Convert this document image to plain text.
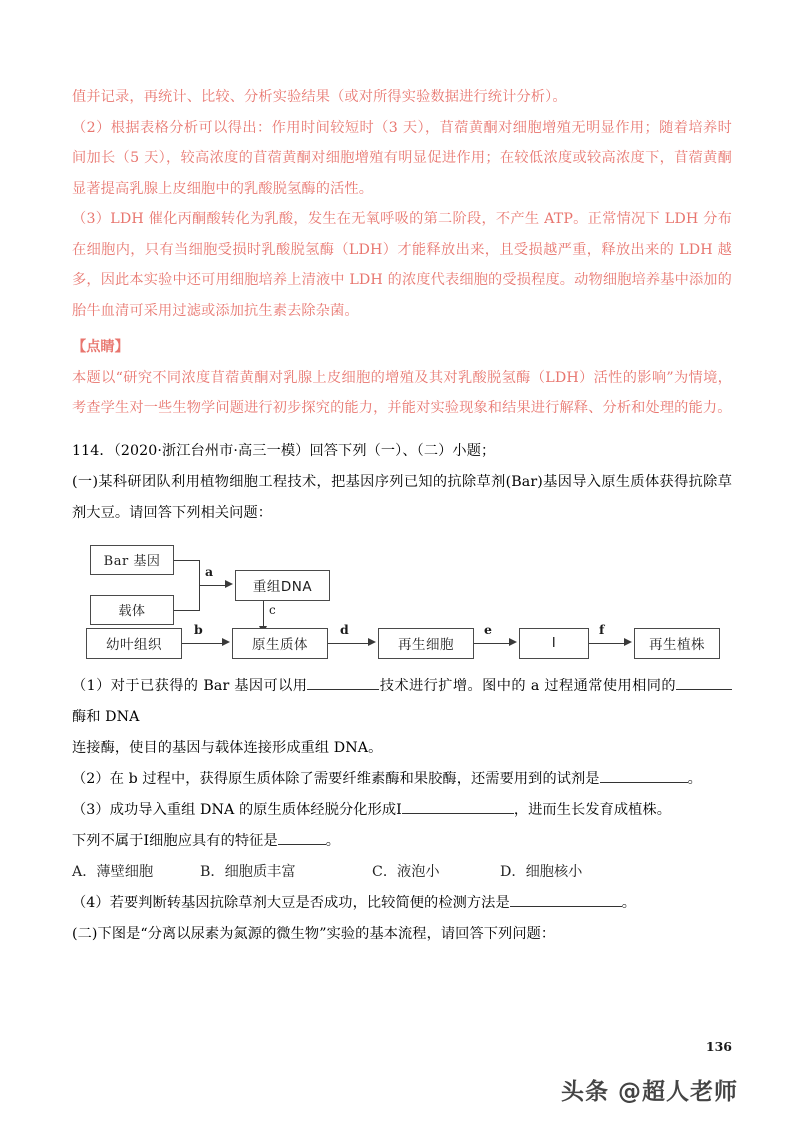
值并记录，再统计、比较、分析实验结果（或对所得实验数据进行统计分析）。

（2）根据表格分析可以得出：作用时间较短时（3 天），苜蓿黄酮对细胞增殖无明显作用；随着培养时间加长（5 天），较高浓度的苜蓿黄酮对细胞增殖有明显促进作用；在较低浓度或较高浓度下，苜蓿黄酮显著提高乳腺上皮细胞中的乳酸脱氢酶的活性。

（3）LDH 催化丙酮酸转化为乳酸，发生在无氧呼吸的第二阶段，不产生 ATP。正常情况下 LDH 分布在细胞内，只有当细胞受损时乳酸脱氢酶（LDH）才能释放出来，且受损越严重，释放出来的 LDH 越多，因此本实验中还可用细胞培养上清液中 LDH 的浓度代表细胞的受损程度。动物细胞培养基中添加的胎牛血清可采用过滤或添加抗生素去除杂菌。

【点睛】

本题以“研究不同浓度苜蓿黄酮对乳腺上皮细胞的增殖及其对乳酸脱氢酶（LDH）活性的影响”为情境，考查学生对一些生物学问题进行初步探究的能力，并能对实验现象和结果进行解释、分析和处理的能力。

114．（2020·浙江台州市·高三一模）回答下列（一）、（二）小题；

(一)某科研团队利用植物细胞工程技术，把基因序列已知的抗除草剂(Bar)基因导入原生质体获得抗除草剂大豆。请回答下列相关问题：

Bar 基因
载体
a
重组DNA
c
幼叶组织
b
原生质体
d
再生细胞
e
I
f
再生植株

（1）对于已获得的 Bar 基因可以用	技术进行扩增。图中的 a 过程通常使用相同的酶和 DNA

连接酶，使目的基因与载体连接形成重组 DNA。

（2）在 b 过程中，获得原生质体除了需要纤维素酶和果胶酶，还需要用到的试剂是	。

（3）成功导入重组 DNA 的原生质体经脱分化形成I	，进而生长发育成植株。

下列不属于I细胞应具有的特征是	。

A．薄壁细胞	B．细胞质丰富	C．液泡小	D．细胞核小

（4）若要判断转基因抗除草剂大豆是否成功，比较简便的检测方法是	。

(二)下图是“分离以尿素为氮源的微生物”实验的基本流程，请回答下列问题：

136
头条 @超人老师
